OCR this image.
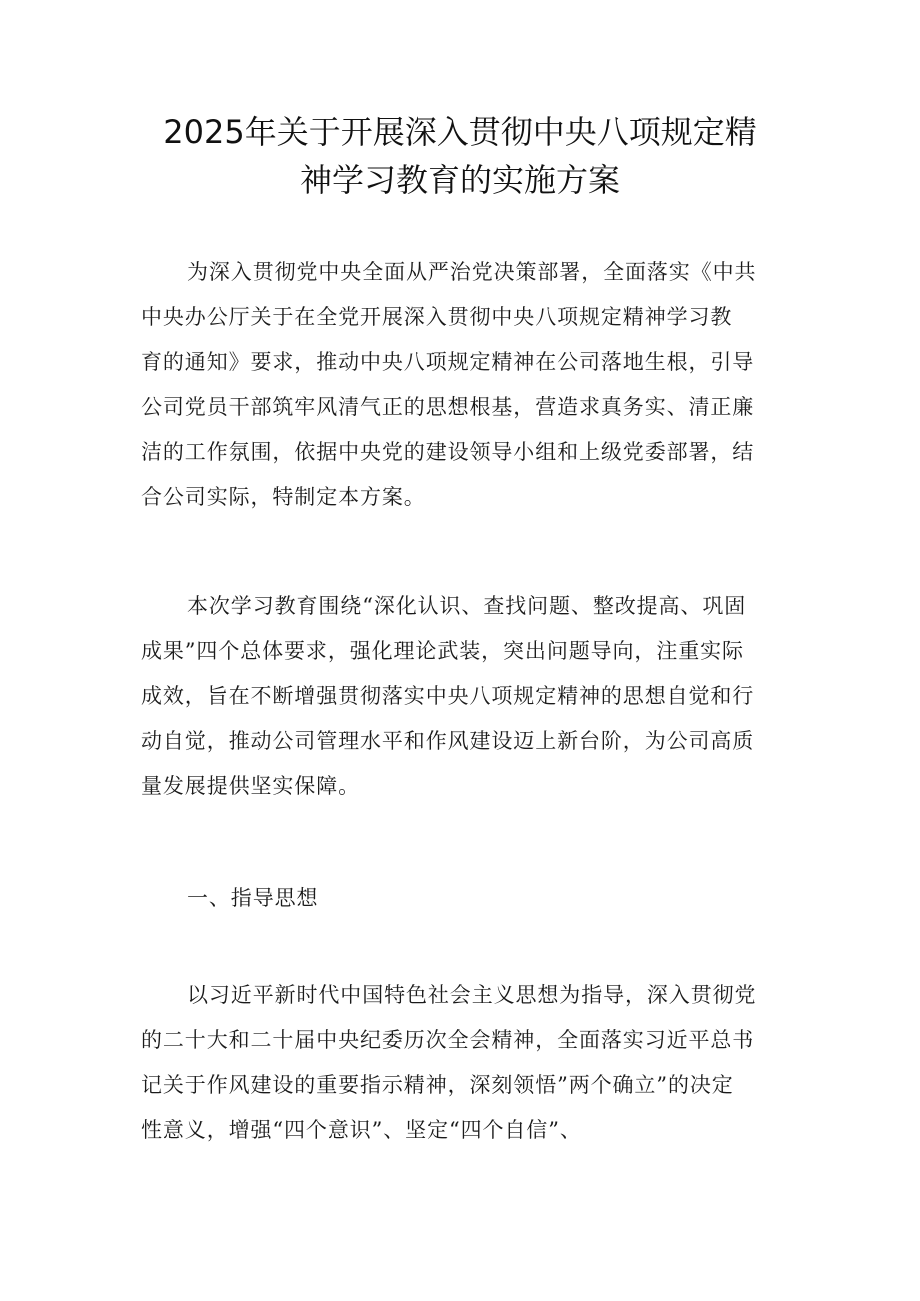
2025年关于开展深入贯彻中央八项规定精
神学习教育的实施方案

为深入贯彻党中央全面从严治党决策部署，全面落实《中共
中央办公厅关于在全党开展深入贯彻中央八项规定精神学习教
育的通知》要求，推动中央八项规定精神在公司落地生根，引导
公司党员干部筑牢风清气正的思想根基，营造求真务实、清正廉
洁的工作氛围，依据中央党的建设领导小组和上级党委部署，结
合公司实际，特制定本方案。

本次学习教育围绕“深化认识、查找问题、整改提高、巩固
成果”四个总体要求，强化理论武装，突出问题导向，注重实际
成效，旨在不断增强贯彻落实中央八项规定精神的思想自觉和行
动自觉，推动公司管理水平和作风建设迈上新台阶，为公司高质
量发展提供坚实保障。

一、指导思想

以习近平新时代中国特色社会主义思想为指导，深入贯彻党
的二十大和二十届中央纪委历次全会精神，全面落实习近平总书
记关于作风建设的重要指示精神，深刻领悟”两个确立”的决定
性意义，增强“四个意识”、坚定“四个自信”、
